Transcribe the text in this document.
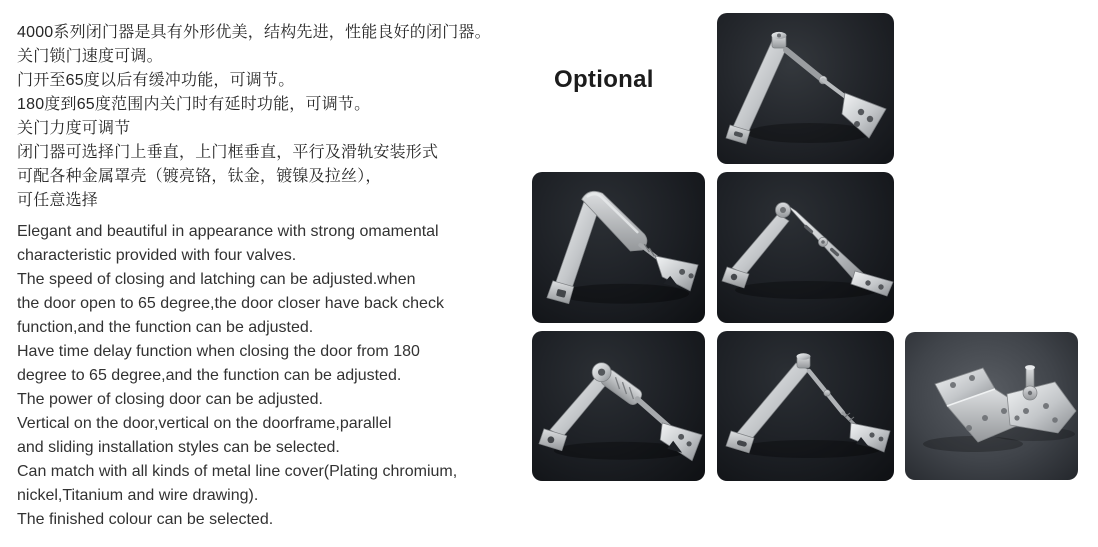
4000系列闭门器是具有外形优美，结构先进，性能良好的闭门器。
关门锁门速度可调。
门开至65度以后有缓冲功能，可调节。
180度到65度范围内关门时有延时功能，可调节。
关门力度可调节
闭门器可选择门上垂直，上门框垂直，平行及滑轨安装形式
可配各种金属罩壳（镀亮铬，钛金，镀镍及拉丝），
可任意选择
Elegant and beautiful in appearance with strong omamental
characteristic provided with four valves.
The speed of closing and latching can be adjusted.when
the door open to 65 degree,the door closer have back check
function,and the function can be adjusted.
Have time delay function when closing the door from 180
degree to 65 degree,and the function can be adjusted.
The power of closing door can be adjusted.
Vertical on the door,vertical on the doorframe,parallel
and sliding installation styles can be selected.
Can match with all kinds of metal line cover(Plating chromium,
nickel,Titanium and wire drawing).
The finished colour can be selected.
Optional
